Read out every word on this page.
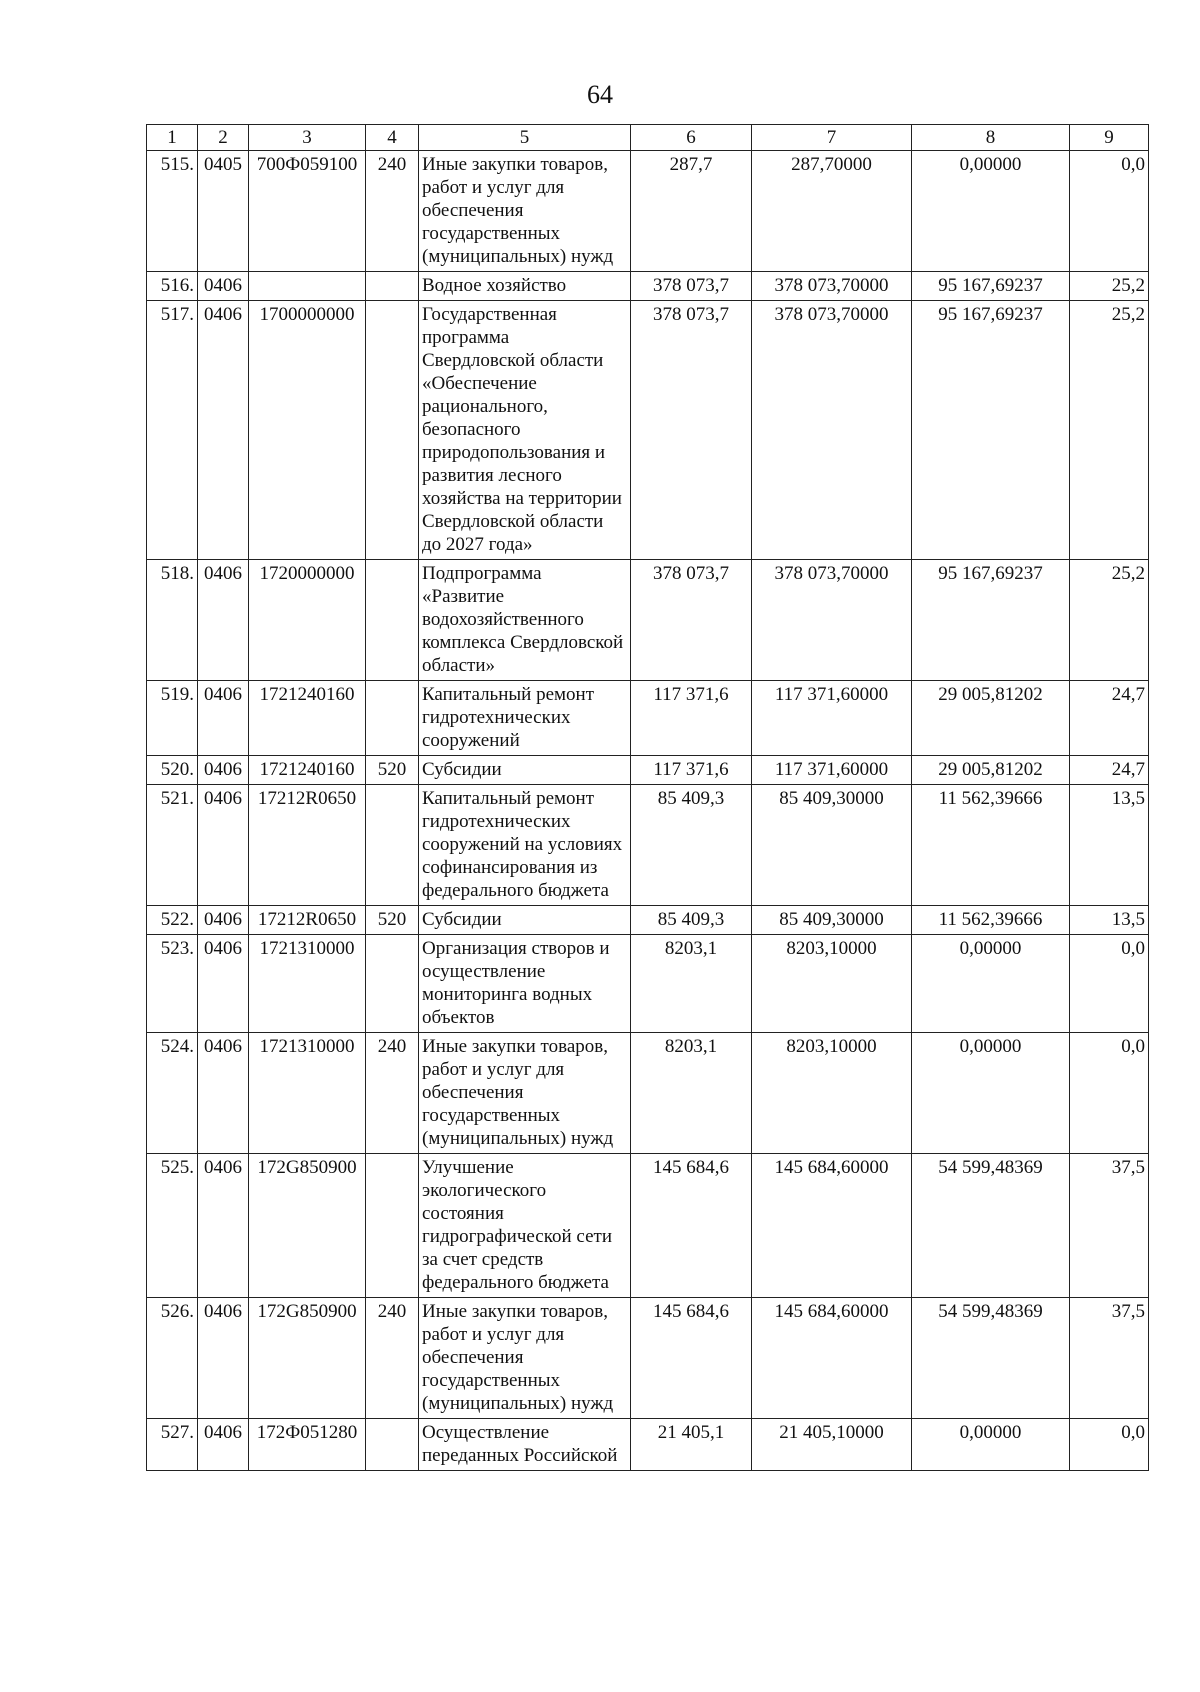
64
1	2	3	4	5	6	7	8	9
515.	0405	700Ф059100	240	Иные закупки товаров, работ и услуг для обеспечения государственных (муниципальных) нужд	287,7	287,70000	0,00000	0,0
516.	0406			Водное хозяйство	378 073,7	378 073,70000	95 167,69237	25,2
517.	0406	1700000000		Государственная программа Свердловской области «Обеспечение рационального, безопасного природопользования и развития лесного хозяйства на территории Свердловской области до 2027 года»	378 073,7	378 073,70000	95 167,69237	25,2
518.	0406	1720000000		Подпрограмма «Развитие водохозяйственного комплекса Свердловской области»	378 073,7	378 073,70000	95 167,69237	25,2
519.	0406	1721240160		Капитальный ремонт гидротехнических сооружений	117 371,6	117 371,60000	29 005,81202	24,7
520.	0406	1721240160	520	Субсидии	117 371,6	117 371,60000	29 005,81202	24,7
521.	0406	17212R0650		Капитальный ремонт гидротехнических сооружений на условиях софинансирования из федерального бюджета	85 409,3	85 409,30000	11 562,39666	13,5
522.	0406	17212R0650	520	Субсидии	85 409,3	85 409,30000	11 562,39666	13,5
523.	0406	1721310000		Организация створов и осуществление мониторинга водных объектов	8203,1	8203,10000	0,00000	0,0
524.	0406	1721310000	240	Иные закупки товаров, работ и услуг для обеспечения государственных (муниципальных) нужд	8203,1	8203,10000	0,00000	0,0
525.	0406	172G850900		Улучшение экологического состояния гидрографической сети за счет средств федерального бюджета	145 684,6	145 684,60000	54 599,48369	37,5
526.	0406	172G850900	240	Иные закупки товаров, работ и услуг для обеспечения государственных (муниципальных) нужд	145 684,6	145 684,60000	54 599,48369	37,5
527.	0406	172Ф051280		Осуществление переданных Российской	21 405,1	21 405,10000	0,00000	0,0
